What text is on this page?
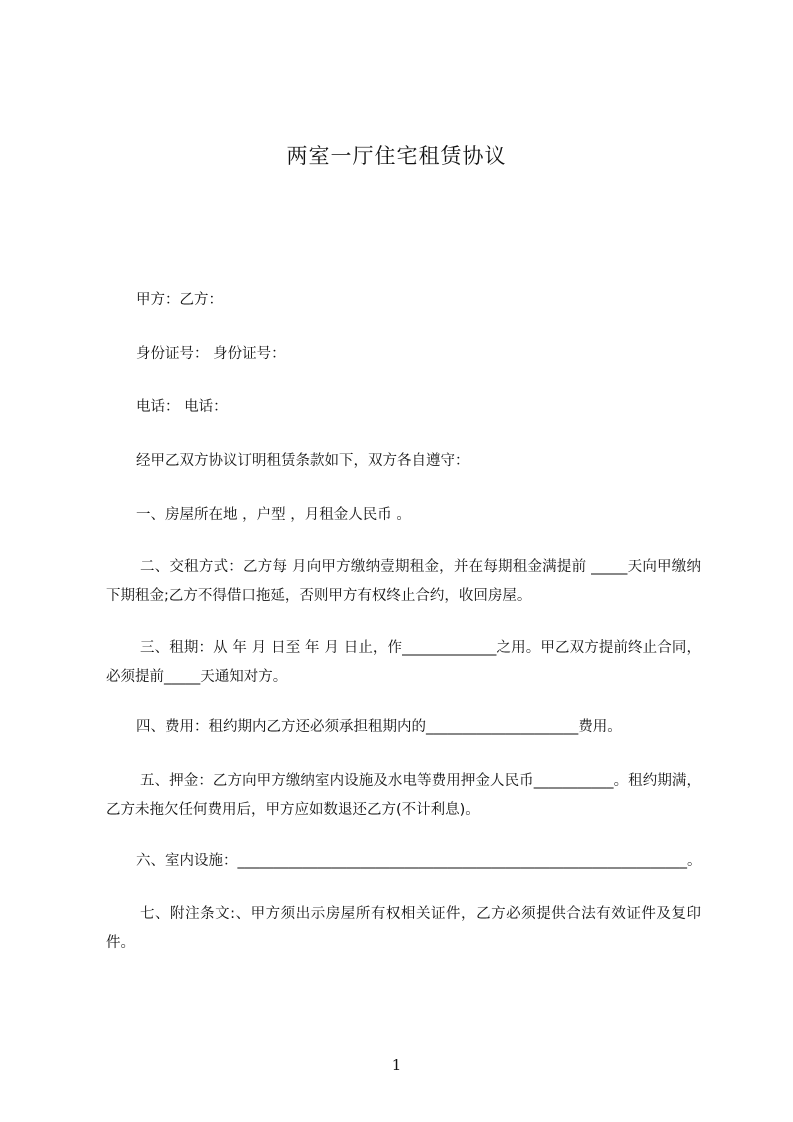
两室一厅住宅租赁协议

甲方：乙方：

身份证号： 身份证号：

电话： 电话：

经甲乙双方协议订明租赁条款如下，双方各自遵守：

一、房屋所在地 ，户型 ，月租金人民币 。

二、交租方式：乙方每 月向甲方缴纳壹期租金，并在每期租金满提前 _____天向甲缴纳下期租金;乙方不得借口拖延，否则甲方有权终止合约，收回房屋。

三、租期：从 年 月 日至 年 月 日止，作_____________之用。甲乙双方提前终止合同，必须提前_____天通知对方。

四、费用：租约期内乙方还必须承担租期内的_____________________费用。

五、押金：乙方向甲方缴纳室内设施及水电等费用押金人民币___________。租约期满，乙方未拖欠任何费用后，甲方应如数退还乙方(不计利息)。

六、室内设施：______________________________________________________________。

七、附注条文:、甲方须出示房屋所有权相关证件，乙方必须提供合法有效证件及复印件。

1
